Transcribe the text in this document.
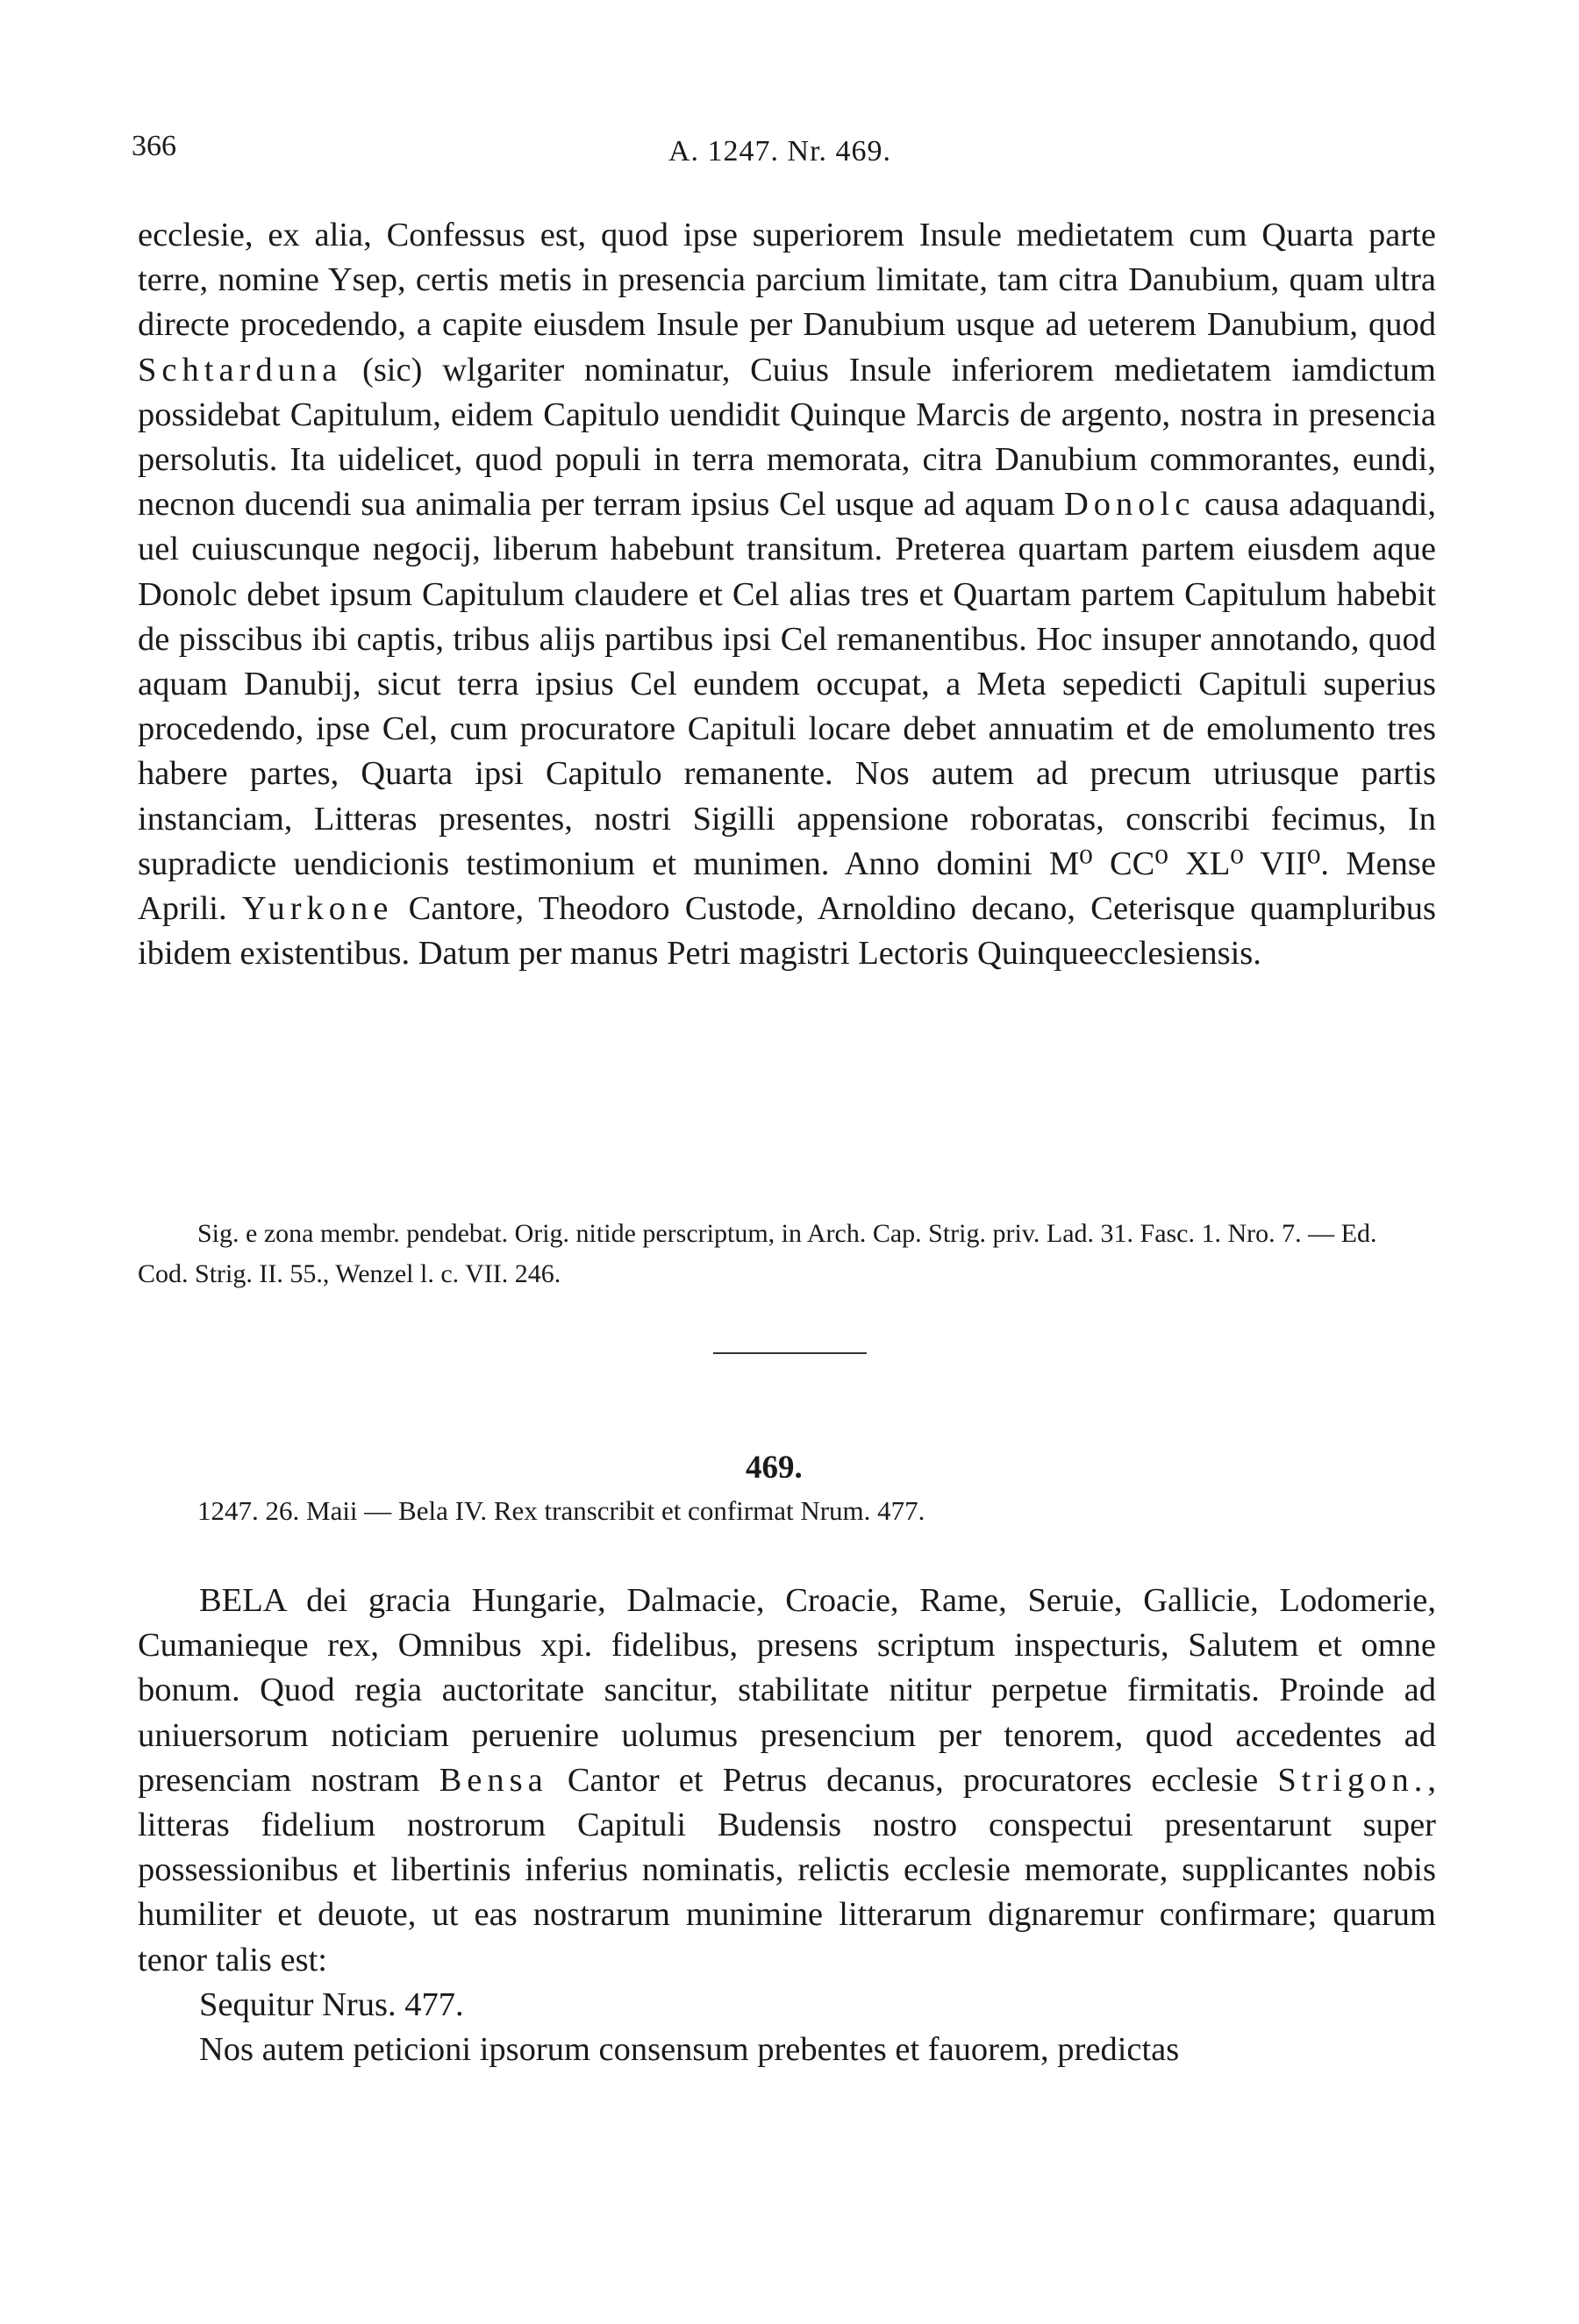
366	A. 1247. Nr. 469.

ecclesie, ex alia, Confessus est, quod ipse superiorem Insule medietatem cum Quarta parte terre, nomine Ysep, certis metis in presencia parcium limitate, tam citra Danubium, quam ultra directe procedendo, a capite eiusdem Insule per Danubium usque ad ueterem Danubium, quod Schtarduna (sic) wlgariter nominatur, Cuius Insule inferiorem medietatem iamdictum possidebat Capitulum, eidem Capitulo uendidit Quinque Marcis de argento, nostra in presencia persolutis. Ita uidelicet, quod populi in terra memorata, citra Danubium commorantes, eundi, necnon ducendi sua animalia per terram ipsius Cel usque ad aquam Donolc causa adaquandi, uel cuiuscunque negocij, liberum habebunt transitum. Preterea quartam partem eiusdem aque Donolc debet ipsum Capitulum claudere et Cel alias tres et Quartam partem Capitulum habebit de pisscibus ibi captis, tribus alijs partibus ipsi Cel remanentibus. Hoc insuper annotando, quod aquam Danubij, sicut terra ipsius Cel eundem occupat, a Meta sepedicti Capituli superius procedendo, ipse Cel, cum procuratore Capituli locare debet annuatim et de emolumento tres habere partes, Quarta ipsi Capitulo remanente. Nos autem ad precum utriusque partis instanciam, Litteras presentes, nostri Sigilli appensione roboratas, conscribi fecimus, In supradicte uendicionis testimonium et munimen. Anno domini M⁰ CC⁰ XL⁰ VII⁰. Mense Aprili. Yurkone Cantore, Theodoro Custode, Arnoldino decano, Ceterisque quampluribus ibidem existentibus. Datum per manus Petri magistri Lectoris Quinqueecclesiensis.

Sig. e zona membr. pendebat. Orig. nitide perscriptum, in Arch. Cap. Strig. priv. Lad. 31. Fasc. 1. Nro. 7. — Ed. Cod. Strig. II. 55., Wenzel l. c. VII. 246.
469.
1247. 26. Maii — Bela IV. Rex transcribit et confirmat Nrum. 477.

BELA dei gracia Hungarie, Dalmacie, Croacie, Rame, Seruie, Gallicie, Lodomerie, Cumanieque rex, Omnibus xpi. fidelibus, presens scriptum inspecturis, Salutem et omne bonum. Quod regia auctoritate sancitur, stabilitate nititur perpetue firmitatis. Proinde ad uniuersorum noticiam peruenire uolumus presencium per tenorem, quod accedentes ad presenciam nostram Bensa Cantor et Petrus decanus, procuratores ecclesie Strigon., litteras fidelium nostrorum Capituli Budensis nostro conspectui presentarunt super possessionibus et libertinis inferius nominatis, relictis ecclesie memorate, supplicantes nobis humiliter et deuote, ut eas nostrarum munimine litterarum dignaremur confirmare; quarum tenor talis est:

Sequitur Nrus. 477.

Nos autem peticioni ipsorum consensum prebentes et fauorem, predictas
